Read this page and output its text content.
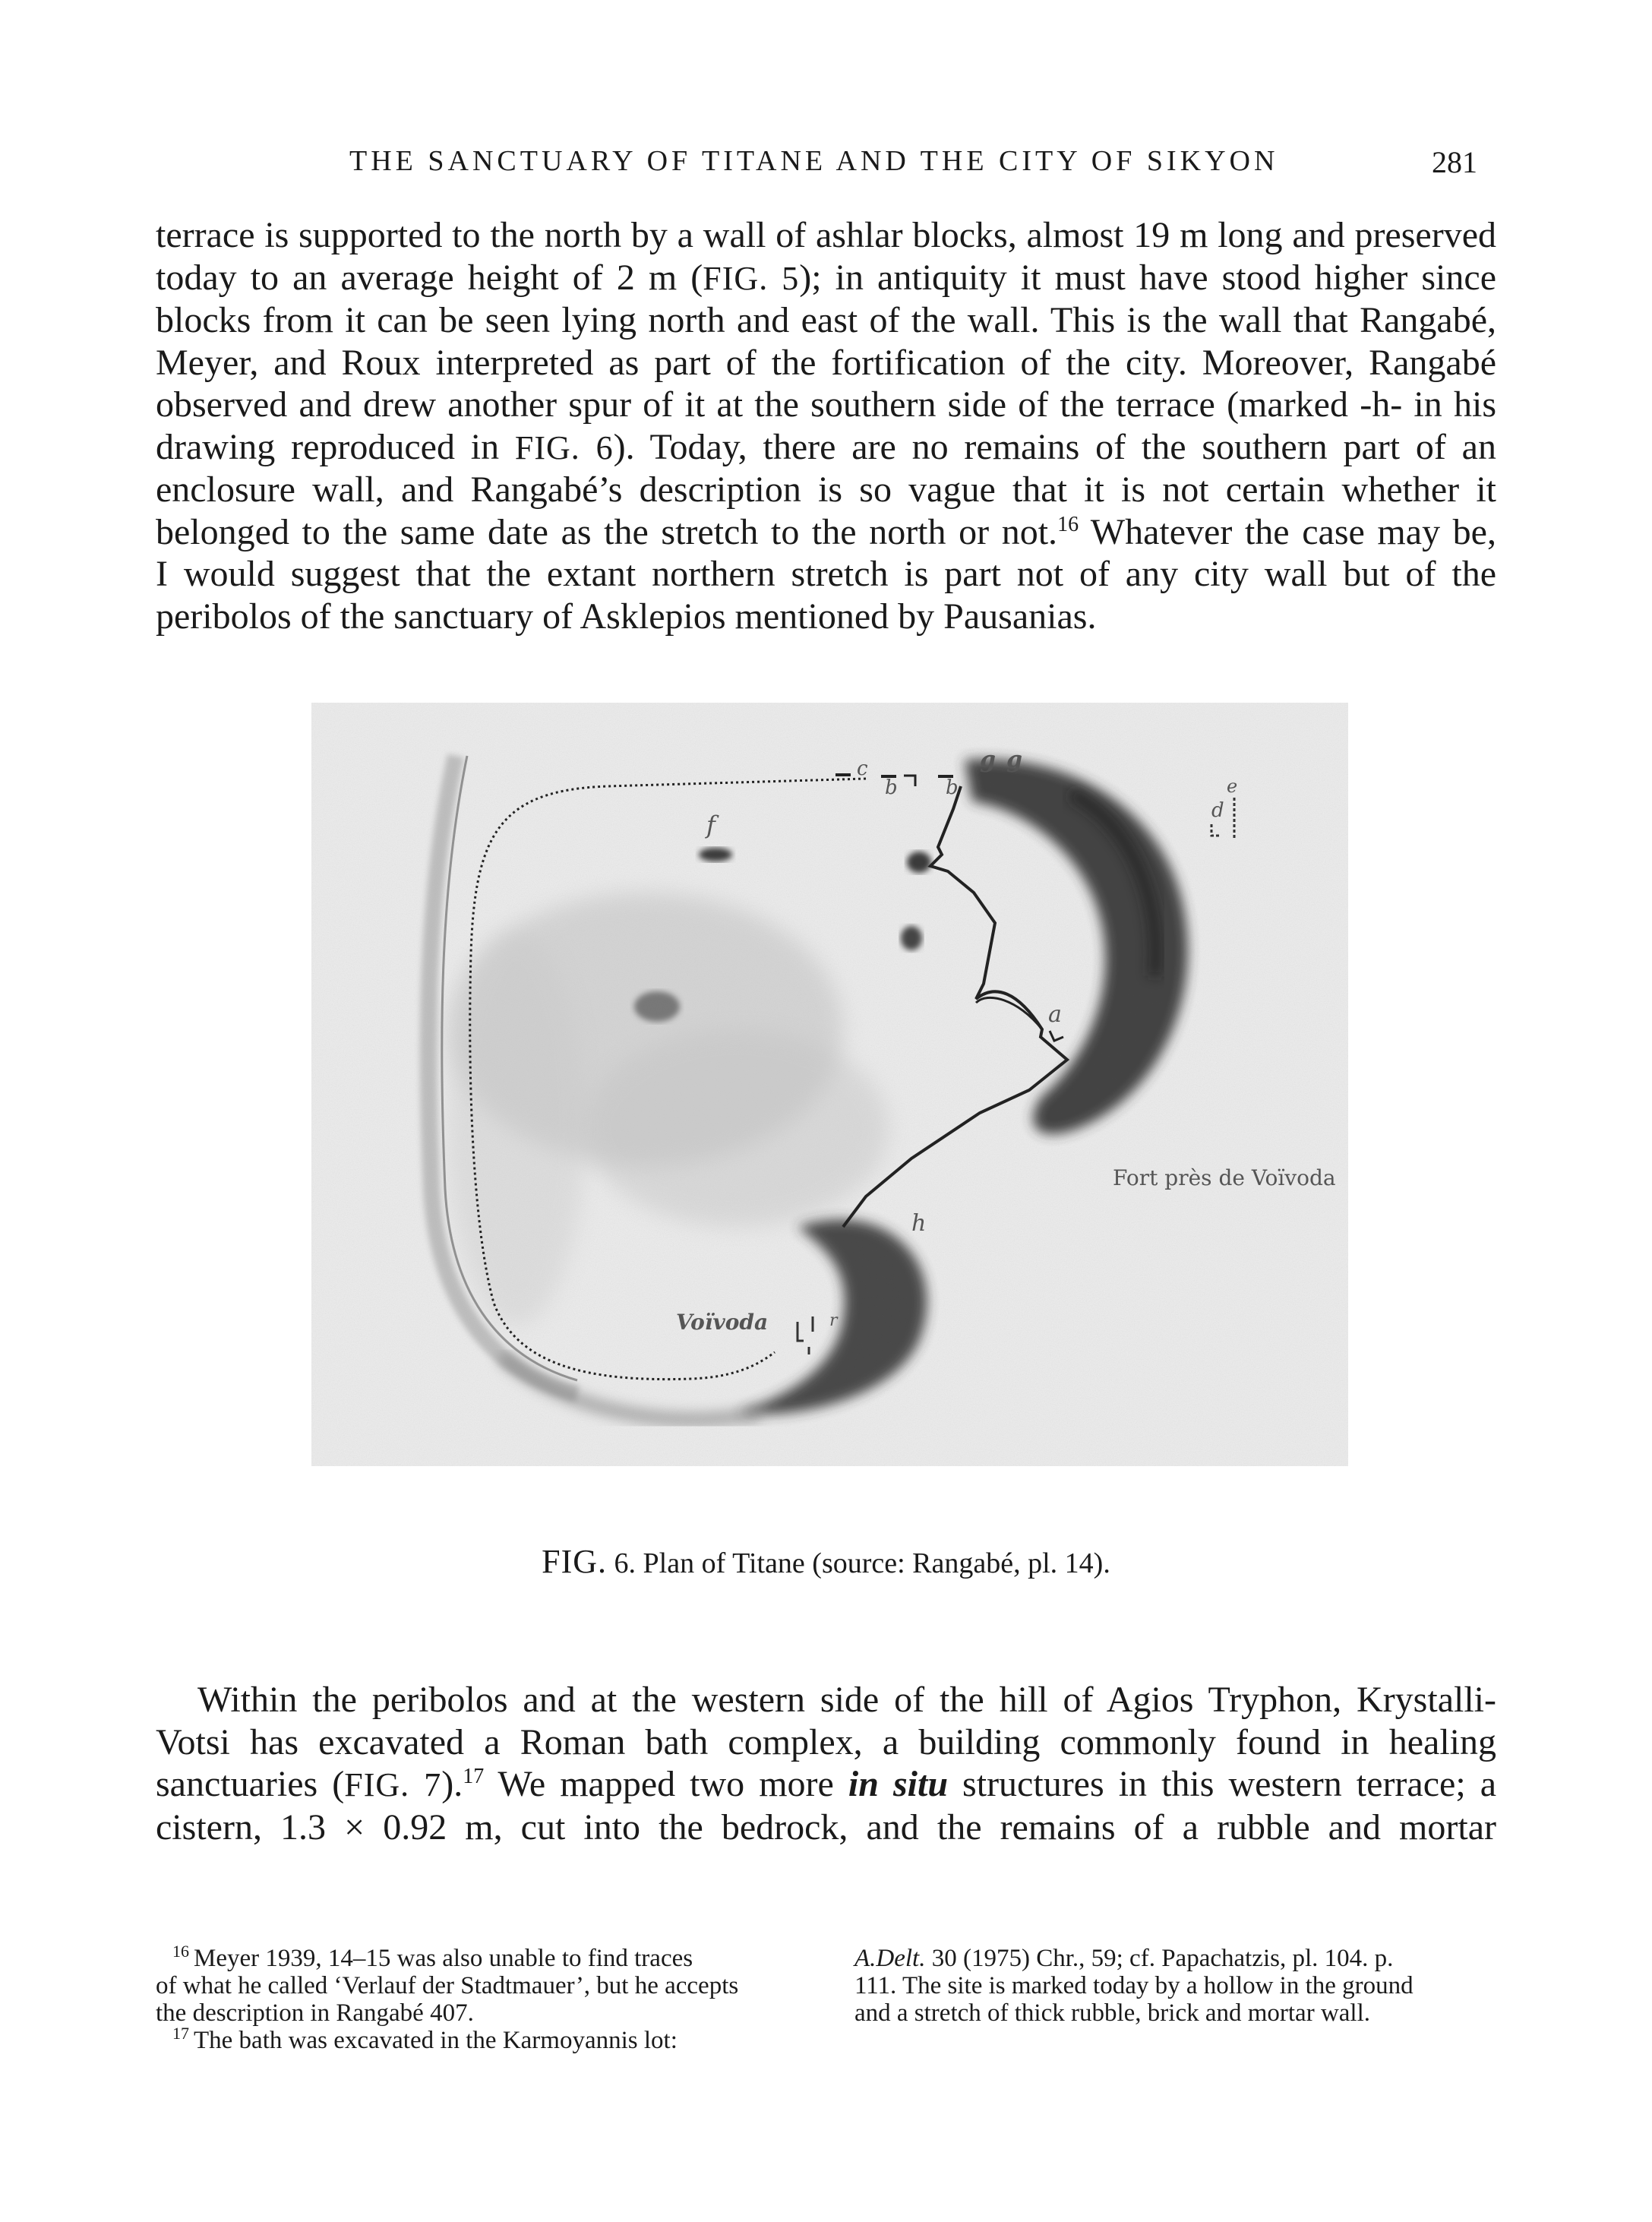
THE SANCTUARY OF TITANE AND THE CITY OF SIKYON	281
terrace is supported to the north by a wall of ashlar blocks, almost 19 m long and preserved
today to an average height of 2 m (FIG. 5); in antiquity it must have stood higher since
blocks from it can be seen lying north and east of the wall. This is the wall that Rangabé,
Meyer, and Roux interpreted as part of the fortification of the city. Moreover, Rangabé
observed and drew another spur of it at the southern side of the terrace (marked -h- in his
drawing reproduced in FIG. 6). Today, there are no remains of the southern part of an
enclosure wall, and Rangabé’s description is so vague that it is not certain whether it
belonged to the same date as the stretch to the north or not.$^{16}$ Whatever the case may be,
I would suggest that the extant northern stretch is part not of any city wall but of the
peribolos of the sanctuary of Asklepios mentioned by Pausanias.
c
b b
g g
e
d
f
a
h
Fort près de Voïvoda
Voïvoda	r
FIG. 6. Plan of Titane (source: Rangabé, pl. 14).
Within the peribolos and at the western side of the hill of Agios Tryphon, Krystalli-
Votsi has excavated a Roman bath complex, a building commonly found in healing
sanctuaries (FIG. 7).$^{17}$ We mapped two more in situ structures in this western terrace; a
cistern, 1.3 × 0.92 m, cut into the bedrock, and the remains of a rubble and mortar
$^{16}$ Meyer 1939, 14–15 was also unable to find traces
of what he called ‘Verlauf der Stadtmauer’, but he accepts
the description in Rangabé 407.
$^{17}$ The bath was excavated in the Karmoyannis lot:
A.Delt. 30 (1975) Chr., 59; cf. Papachatzis, pl. 104. p.
111. The site is marked today by a hollow in the ground
and a stretch of thick rubble, brick and mortar wall.
